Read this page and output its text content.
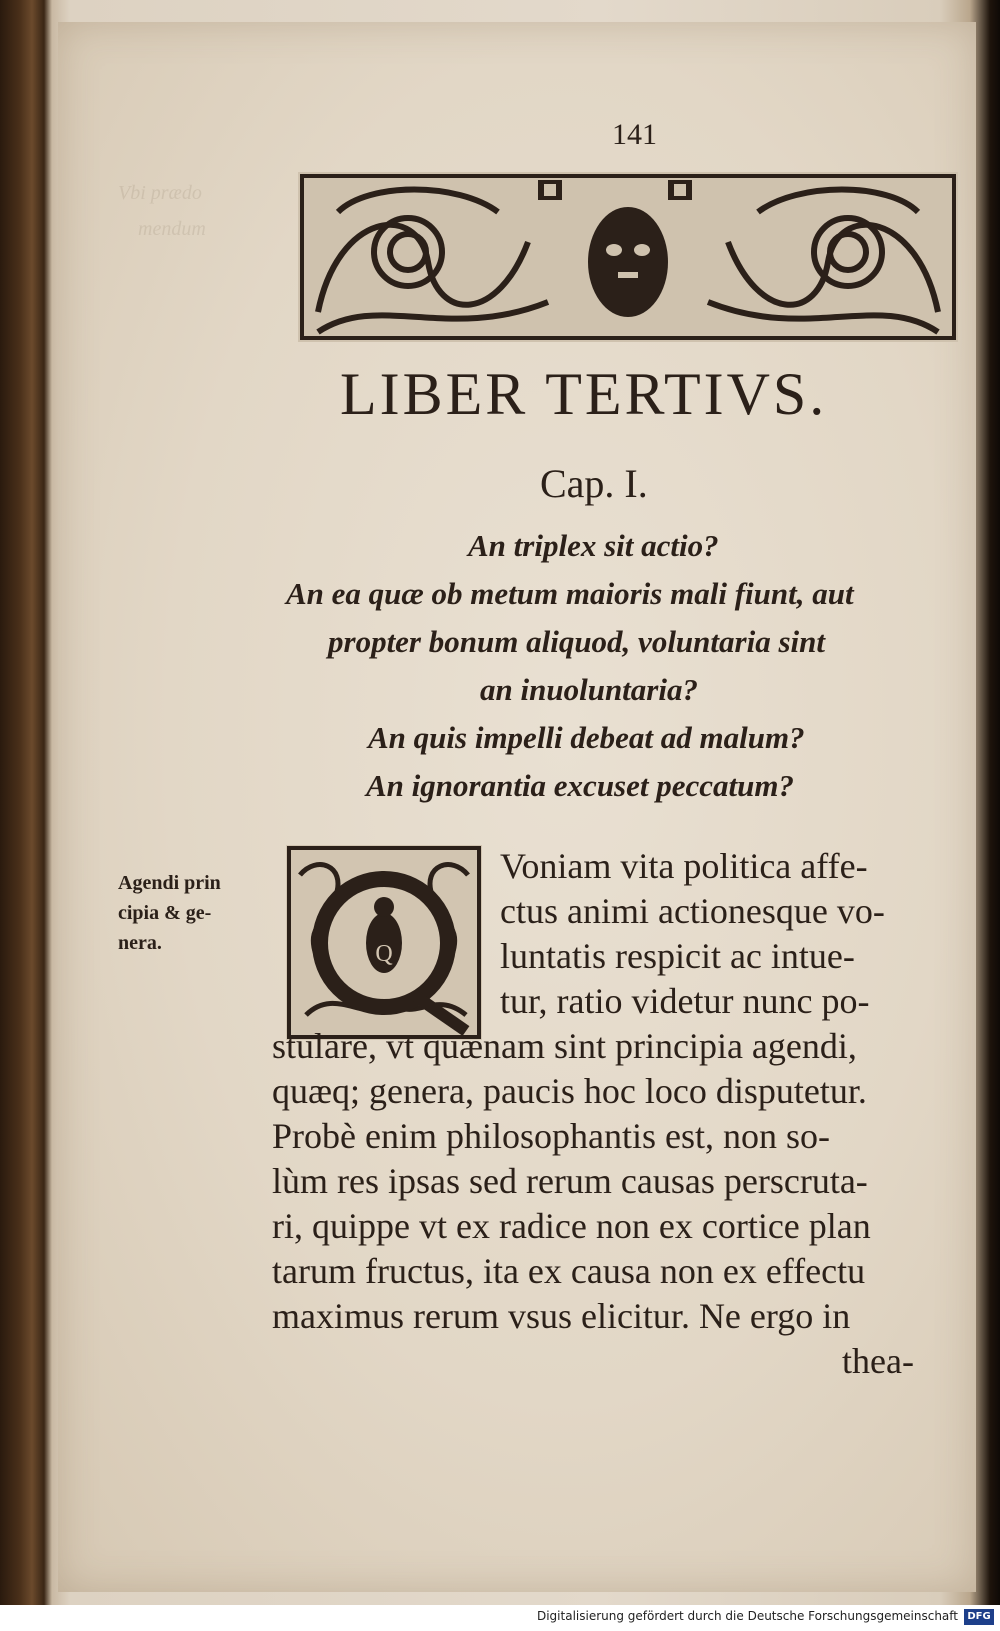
Vbi prædo
mendum
141
LIBER TERTIVS.
Cap. I.
An triplex sit actio?
An ea quæ ob metum maioris mali fiunt, aut
propter bonum aliquod, voluntaria sint
an inuoluntaria?
An quis impelli debeat ad malum?
An ignorantia excuset peccatum?
Agendi prin
cipia & ge-
nera.	Q
Voniam vita politica affe-
ctus animi actionesque vo-
luntatis respicit ac intue-
tur, ratio videtur nunc po-
stulare, vt quænam sint principia agendi,
quæq; genera, paucis hoc loco disputetur.
Probè enim philosophantis est, non so-
lùm res ipsas sed rerum causas perscruta-
ri, quippe vt ex radice non ex cortice plan
tarum fructus, ita ex causa non ex effectu
maximus rerum vsus elicitur. Ne ergo in
thea-
Digitalisierung gefördert durch die Deutsche Forschungsgemeinschaft DFG
